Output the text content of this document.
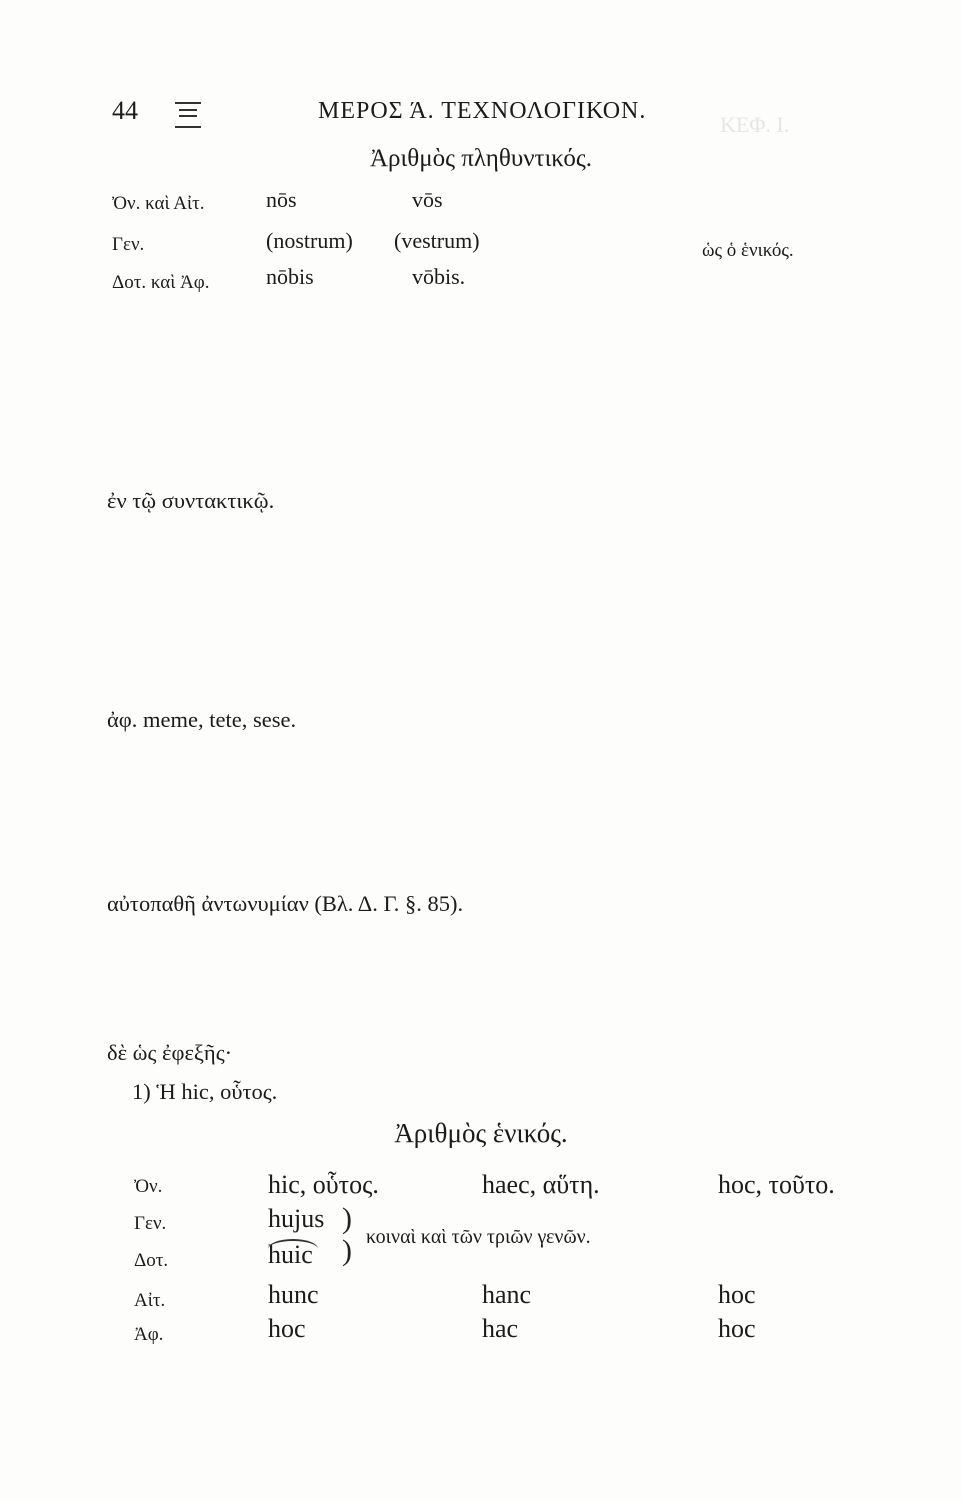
ΚΕΦ. Ι.
44	ΜΕΡΟΣ Ά. ΤΕΧΝΟΛΟΓΙΚΟΝ.
Ἀριθμὸς πληθυντικός.
Ὀν. καὶ Αἰτ.	nōs	vōs
Γεν.	(nostrum) (vestrum)	ὡς ὁ ἑνικός.
Δοτ. καὶ Ἀφ.	nōbis	vōbis.
ἐν τῷ συντακτικῷ.
ἀφ. meme, tete, sese.
αὐτοπαθῆ ἀντωνυμίαν (Βλ. Δ. Γ. §. 85).
δὲ ὡς ἐφεξῆς·
1) Ἡ hic, οὗτος.
Ἀριθμὸς ἑνικός.
Ὀν.	hic, οὗτος.	haec, αὕτη.	hoc, τοῦτο.
Γεν.	hujus )
Δοτ.	huic ) κοιναὶ καὶ τῶν τριῶν γενῶν.
Αἰτ.	hunc	hanc	hoc
Ἀφ.	hoc	hac	hoc
